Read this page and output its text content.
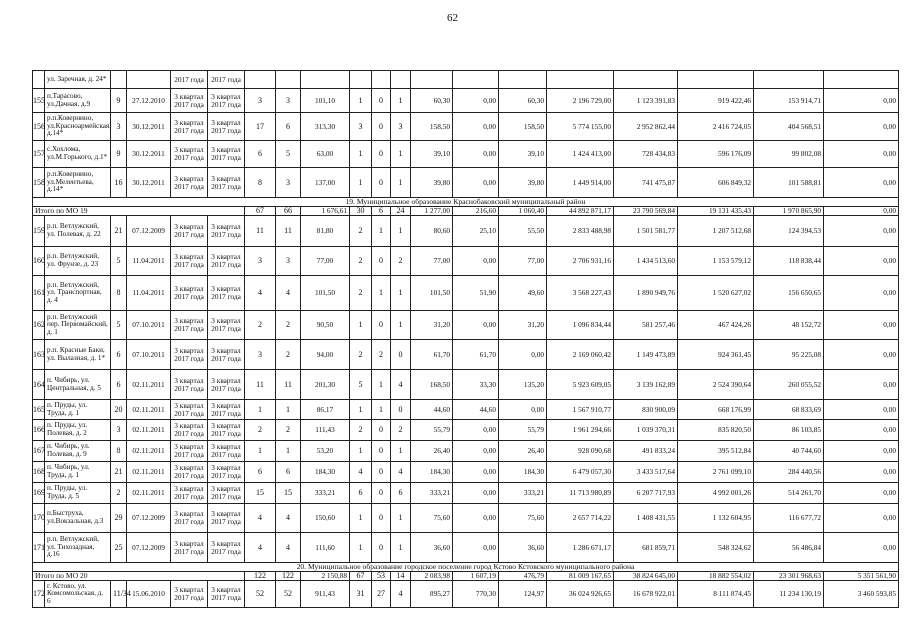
62
	ул. Заречная, д. 24*			2017 года	2017 года														
155	п.Тарасово, ул.Дачная, д.9	9	27.12.2010	3 квартал 2017 года	3 квартал 2017 года	3	3	101,10	1	0	1	60,30	0,00	60,30	2 196 729,00	1 123 391,83	919 422,46	153 914,71	0,00
156	р.п.Ковернино, ул.Красноармейская, д.14*	3	30.12.2011	3 квартал 2017 года	3 квартал 2017 года	17	6	313,30	3	0	3	158,50	0,00	158,50	5 774 155,00	2 952 862,44	2 416 724,05	404 568,51	0,00
157	с.Хохлома, ул.М.Горького, д.1*	9	30.12.2011	3 квартал 2017 года	3 квартал 2017 года	6	5	63,00	1	0	1	39,10	0,00	39,10	1 424 413,00	728 434,83	596 176,09	99 802,08	0,00
158	р.п.Ковернино, ул.Мелентьева, д.14*	16	30.12.2011	3 квартал 2017 года	3 квартал 2017 года	8	3	137,00	1	0	1	39,80	0,00	39,80	1 449 914,00	741 475,87	606 849,32	101 588,81	0,00
19. Муниципальное образование Краснобаковский муниципальный район																			
Итого по МО 19						67	66	1 676,61	30	6	24	1 277,00	216,60	1 060,40	44 892 871,17	23 790 569,84	19 131 435,43	1 970 865,90	0,00
159	р.п. Ветлужский, ул. Полевая, д. 22	21	07.12.2009	3 квартал 2017 года	3 квартал 2017 года	11	11	81,80	2	1	1	80,60	25,10	55,50	2 833 488,98	1 501 581,77	1 207 512,68	124 394,53	0,00
160	р.п. Ветлужский, ул. Фрунзе, д. 23	5	11.04.2011	3 квартал 2017 года	3 квартал 2017 года	3	3	77,00	2	0	2	77,00	0,00	77,00	2 706 931,16	1 434 513,60	1 153 579,12	118 838,44	0,00
161	р.п. Ветлужский, ул. Транспортная, д. 4	8	11.04.2011	3 квартал 2017 года	3 квартал 2017 года	4	4	101,50	2	1	1	101,50	51,90	49,60	3 568 227,43	1 890 949,76	1 520 627,02	156 650,65	0,00
162	р.п. Ветлужский пер. Первомайский, д. 1	5	07.10.2011	3 квартал 2017 года	3 квартал 2017 года	2	2	90,50	1	0	1	31,20	0,00	31,20	1 096 834,44	581 257,46	467 424,26	48 152,72	0,00
163	р.п. Красные Баки, ул. Вылазная, д. 1*	6	07.10.2011	3 квартал 2017 года	3 квартал 2017 года	3	2	94,00	2	2	0	61,70	61,70	0,00	2 169 060,42	1 149 473,89	924 361,45	95 225,08	0,00
164	п. Чибирь, ул. Центральная, д. 5	6	02.11.2011	3 квартал 2017 года	3 квартал 2017 года	11	11	201,30	5	1	4	168,50	33,30	135,20	5 923 609,05	3 139 162,89	2 524 390,64	260 055,52	0,00
165	п. Пруды, ул. Труда, д. 1	20	02.11.2011	3 квартал 2017 года	3 квартал 2017 года	1	1	86,17	1	1	0	44,60	44,60	0,00	1 567 910,77	830 900,09	668 176,99	68 833,69	0,00
166	п. Пруды, ул. Полевая, д. 2	3	02.11.2011	3 квартал 2017 года	3 квартал 2017 года	2	2	111,43	2	0	2	55,79	0,00	55,79	1 961 294,66	1 039 370,31	835 820,50	86 103,85	0,00
167	п. Чибирь, ул. Полевая, д. 9	8	02.11.2011	3 квартал 2017 года	3 квартал 2017 года	1	1	53,20	1	0	1	26,40	0,00	26,40	928 090,68	491 833,24	395 512,84	40 744,60	0,00
168	п. Чибирь, ул. Труда, д. 1	21	02.11.2011	3 квартал 2017 года	3 квартал 2017 года	6	6	184,30	4	0	4	184,30	0,00	184,30	6 479 057,30	3 433 517,64	2 761 099,10	284 440,56	0,00
169	п. Пруды, ул. Труда, д. 5	2	02.11.2011	3 квартал 2017 года	3 квартал 2017 года	15	15	333,21	6	0	6	333,21	0,00	333,21	11 713 980,89	6 207 717,93	4 992 001,26	514 261,70	0,00
170	п.Быструха, ул.Вокзальная, д.3	29	07.12.2009	3 квартал 2017 года	3 квартал 2017 года	4	4	150,60	1	0	1	75,60	0,00	75,60	2 657 714,22	1 408 431,55	1 132 604,95	116 677,72	0,00
171	р.п. Ветлужский, ул. Тихозадная, д.16	25	07.12.2009	3 квартал 2017 года	3 квартал 2017 года	4	4	111,60	1	0	1	36,60	0,00	36,60	1 286 671,17	681 859,71	548 324,62	56 486,84	0,00
20. Муниципальное образование городское поселение город Кстово Кстовского муниципального района																			
Итого по МО 20						122	122	2 150,88	67	53	14	2 083,98	1 607,19	476,79	81 009 167,65	38 824 645,00	18 882 554,02	23 301 968,63	5 351 561,90
172	г. Кстово, ул. Комсомольская, д. 6	11/34	15.06.2010	3 квартал 2017 года	3 квартал 2017 года	52	52	911,43	31	27	4	895,27	770,30	124,97	36 024 926,65	16 678 922,01	8 111 874,45	11 234 130,19	3 460 593,85
